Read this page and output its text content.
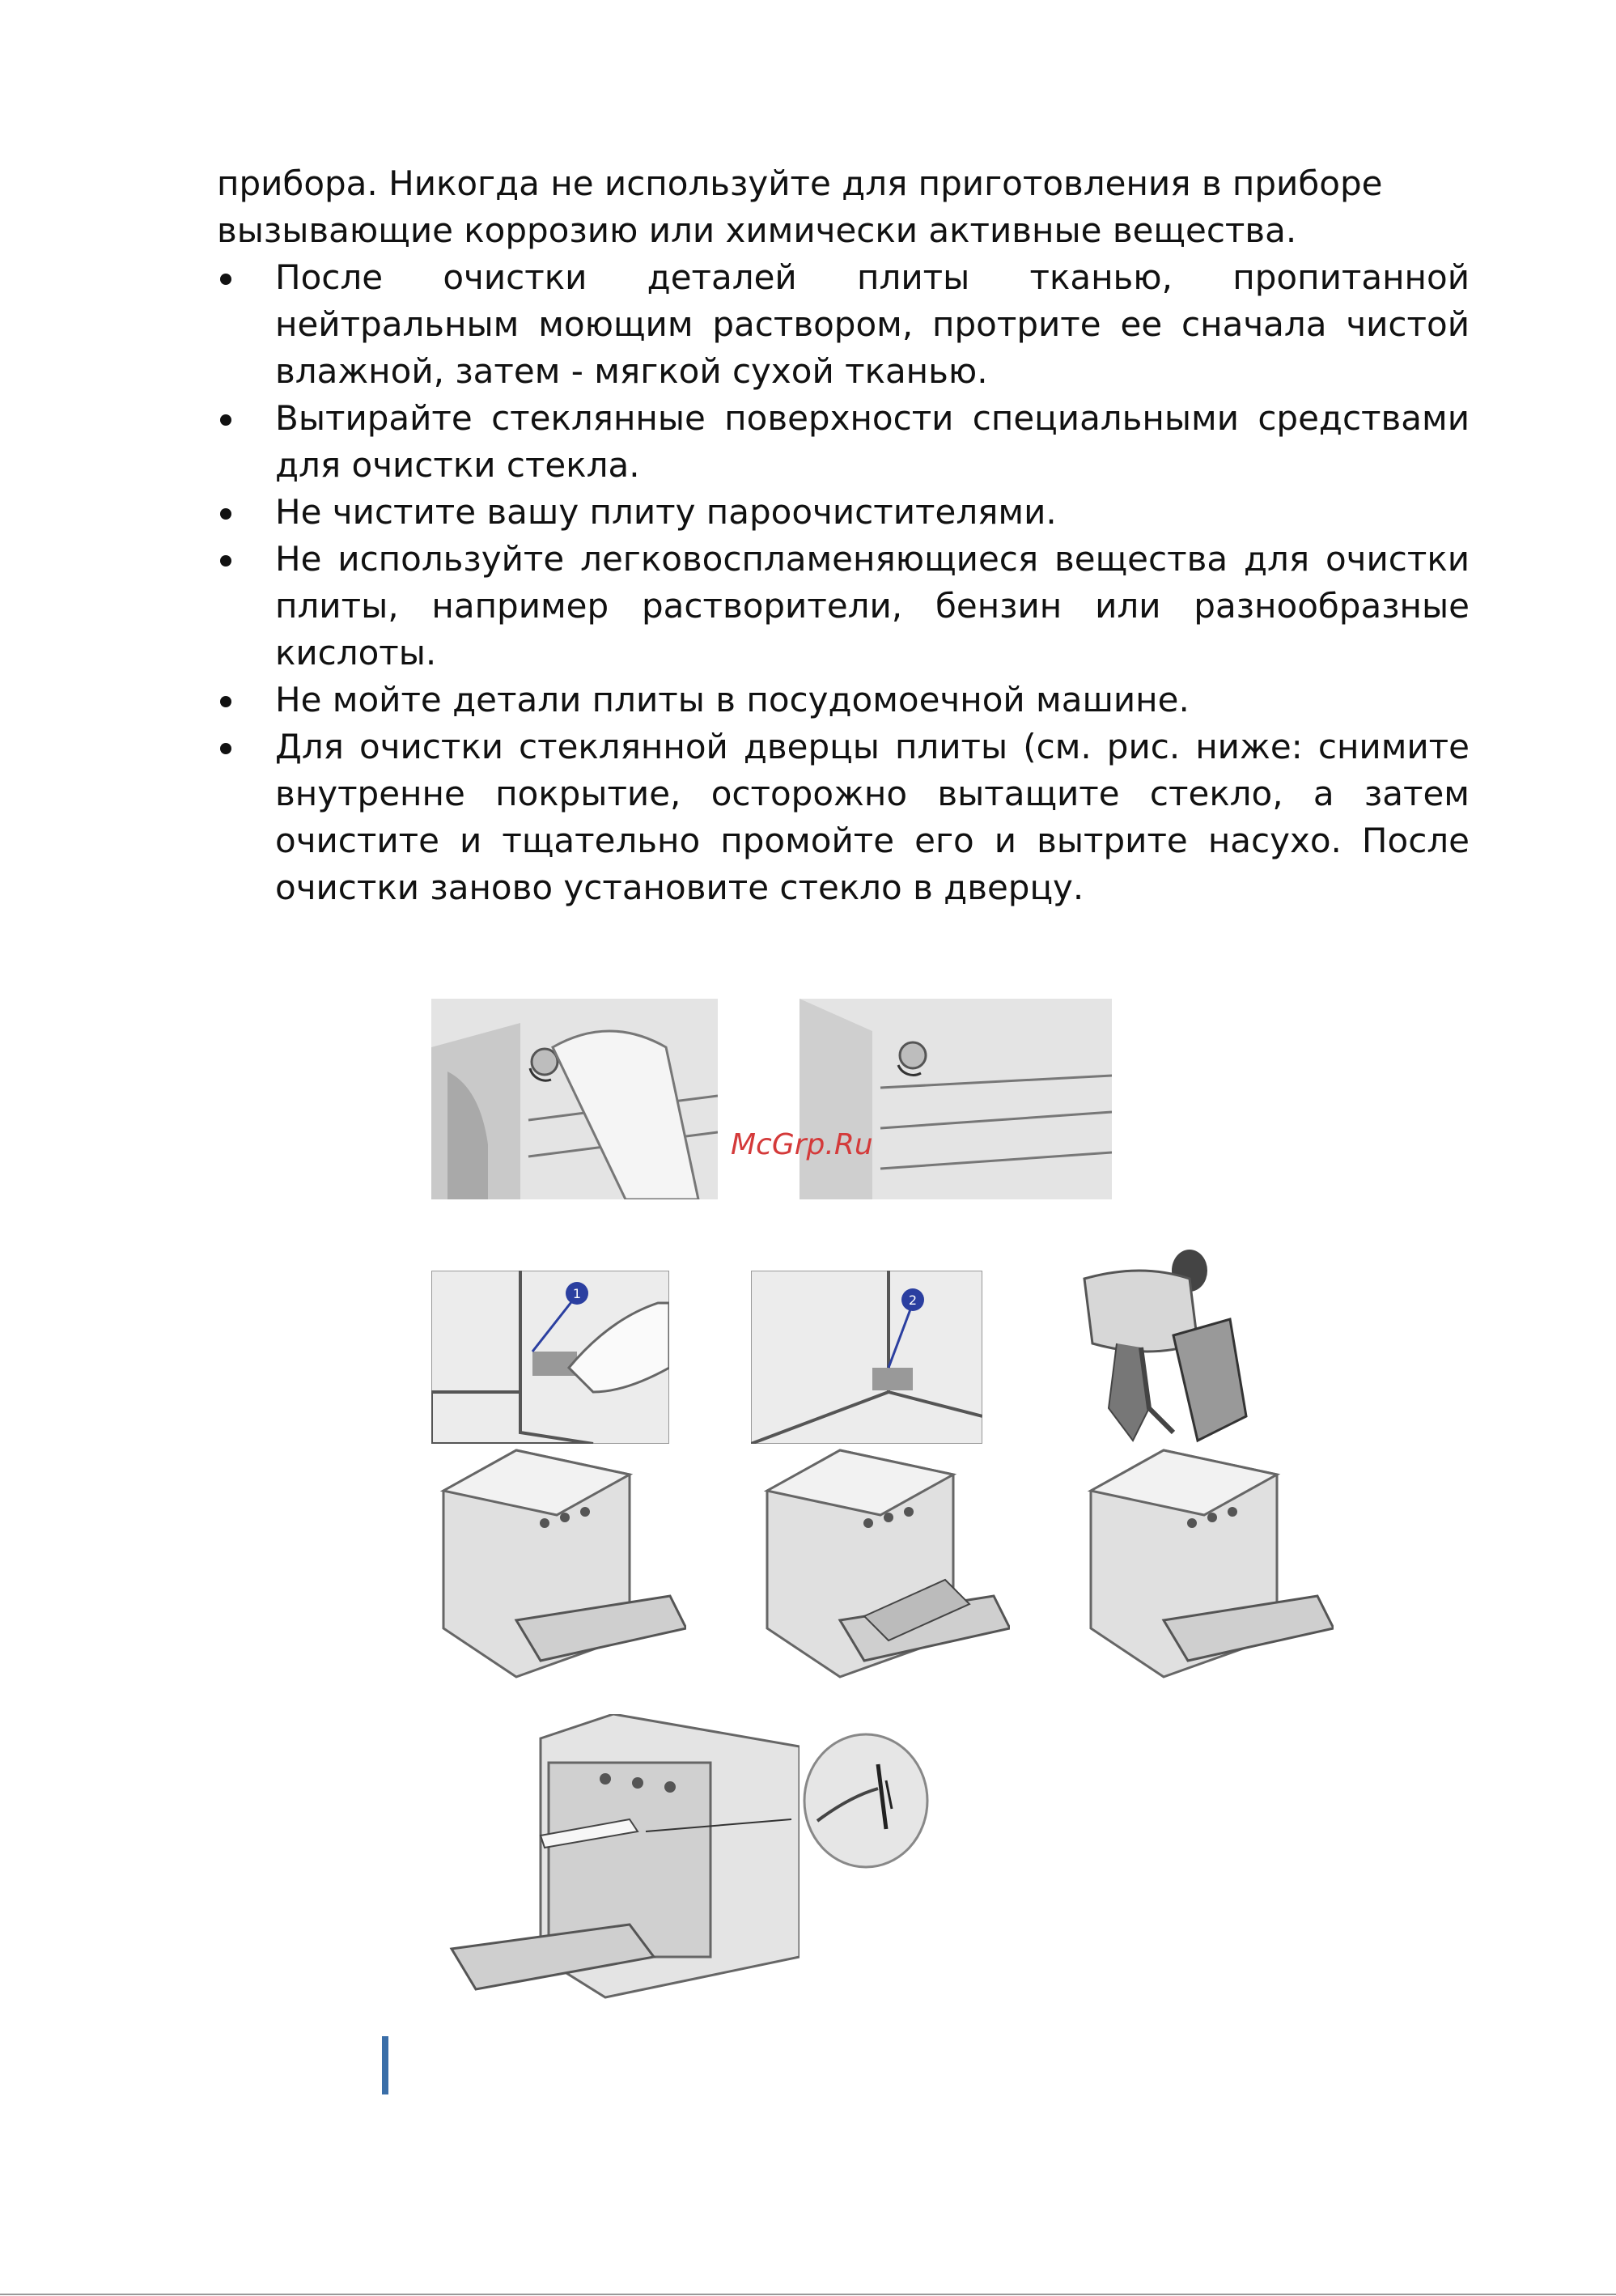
прибора. Никогда не используйте для приготовления в приборе

вызывающие коррозию или химически активные вещества.

После очистки деталей плиты тканью, пропитанной нейтральным моющим раствором, протрите ее сначала чистой влажной, затем - мягкой сухой тканью.
Вытирайте стеклянные поверхности специальными средствами для очистки стекла.
Не чистите вашу плиту пароочистителями.
Не используйте легковоспламеняющиеся вещества для очистки плиты, например растворители, бензин или разнообразные кислоты.
Не мойте детали плиты в посудомоечной машине.
Для очистки стеклянной дверцы плиты (см. рис. ниже: снимите внутренне покрытие, осторожно вытащите стекло, а затем очистите и тщательно промойте его и вытрите насухо. После очистки заново установите стекло в дверцу.
McGrp.Ru
1	2
